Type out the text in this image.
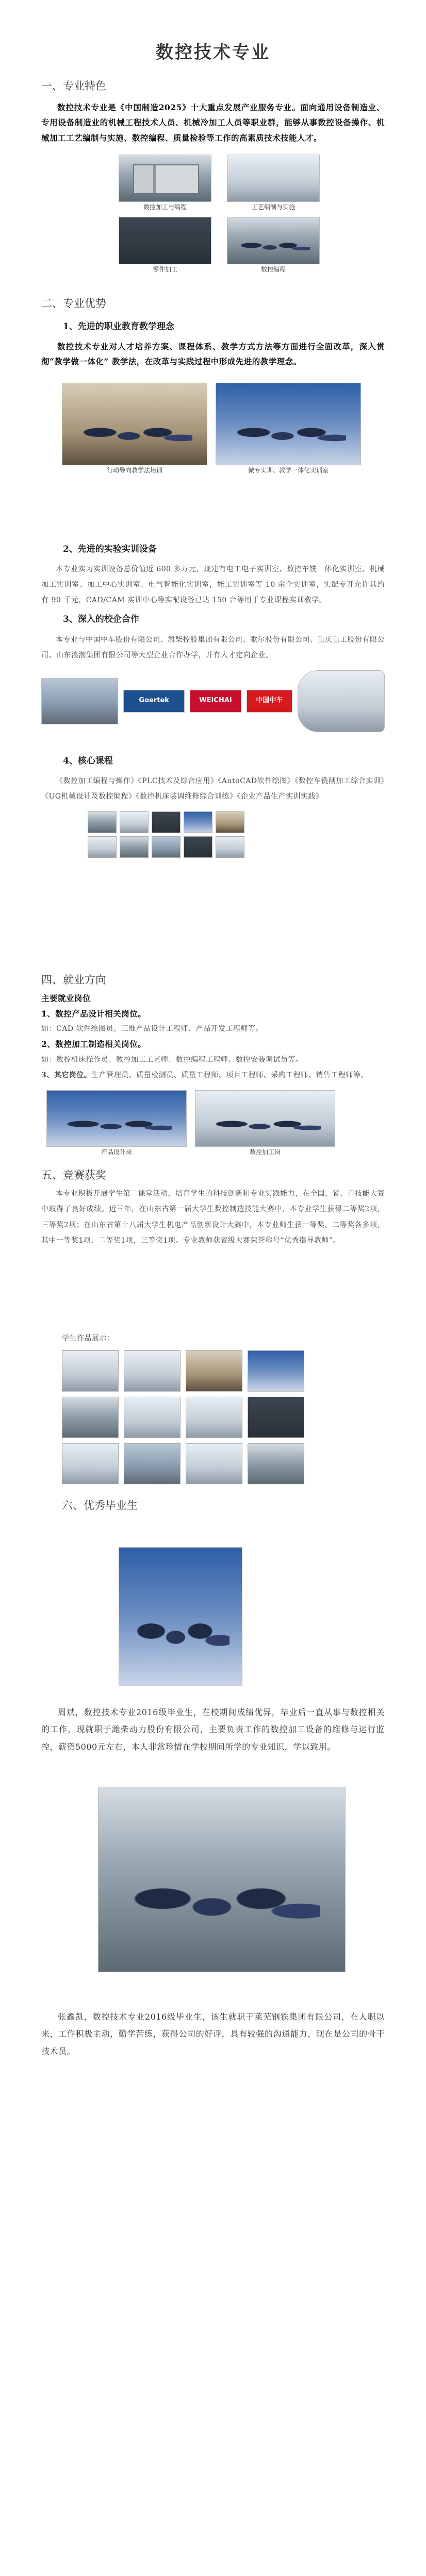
数控技术专业
一、专业特色

数控技术专业是《中国制造2025》十大重点发展产业服务专业。面向通用设备制造业、专用设备制造业的机械工程技术人员、机械冷加工人员等职业群，能够从事数控设备操作、机械加工工艺编制与实施、数控编程、质量检验等工作的高素质技术技能人才。

数控加工与编程	工艺编制与实施
零件加工	数控编程
二、专业优势
1、先进的职业教育教学理念

数控技术专业对人才培养方案、课程体系、教学方式方法等方面进行全面改革，深入贯彻“教学做一体化” 教学法，在改革与实践过程中形成先进的教学理念。

行动导向教学法培训	微专实训、教学一体化实训室
2、先进的实验实训设备

本专业实习实训设备总价值近 600 多万元，现建有电工电子实训室、数控车铣一体化实训室、机械加工实训室、加工中心实训室、电气智能化实训室，能工实训室等 10 余个实训室，实配专开允许其约有 90 千元，CAD/CAM 实训中心等实配设备已达 150 台等用于专业课程实训教学。

3、深入的校企合作

本专业与中国中车股份有限公司、潍柴控股集团有限公司、歌尔股份有限公司、重庆重工股份有限公司、山东浪潮集团有限公司等大型企业合作办学，并有人才定向企业。

Goertek	WEICHAI	中国中车
4、核心课程

《数控加工编程与操作》《PLC技术及综合应用》《AutoCAD软件绘图》《数控车铣削加工综合实训》《UG机械设计及数控编程》《数控机床装调维修综合训练》《企业产品生产实训实践》

四、就业方向
主要就业岗位
1、数控产品设计相关岗位。

如：CAD 软件绘图员、三维产品设计工程师、产品开发工程师等。

2、数控加工制造相关岗位。

如：数控机床操作员、数控加工工艺师、数控编程工程师、数控安装调试员等。

3、其它岗位。生产管理员、质量检测员、质量工程师、项目工程师、采购工程师、销售工程师等。

产品设计岗	数控加工岗
五、竞赛获奖

本专业积极开展学生第二课堂活动，培育学生的科技创新和专业实践能力，在全国、省、市技能大赛中取得了良好成绩。近三年，在山东省第一届大学生数控制造技能大赛中，本专业学生获得二等奖2项，三等奖2项；在山东省第十八届大学生机电产品创新设计大赛中，本专业师生获一等奖、二等奖各多项，其中一等奖1项，二等奖1项，三等奖1项。专业教师获省级大赛荣誉称号“优秀指导教师”。

学生作品展示：
六、优秀毕业生

周斌，数控技术专业2016级毕业生，在校期间成绩优异，毕业后一直从事与数控相关的工作，现就职于潍柴动力股份有限公司，主要负责工作的数控加工设备的维修与运行监控，薪资5000元左右，本人非常珍惜在学校期间所学的专业知识，学以致用。

张鑫凯，数控技术专业2016级毕业生，该生就职于莱芜钢铁集团有限公司，在人职以来，工作积极主动，勤学苦练，获得公司的好评，具有较强的沟通能力，现在是公司的骨干技术员。
